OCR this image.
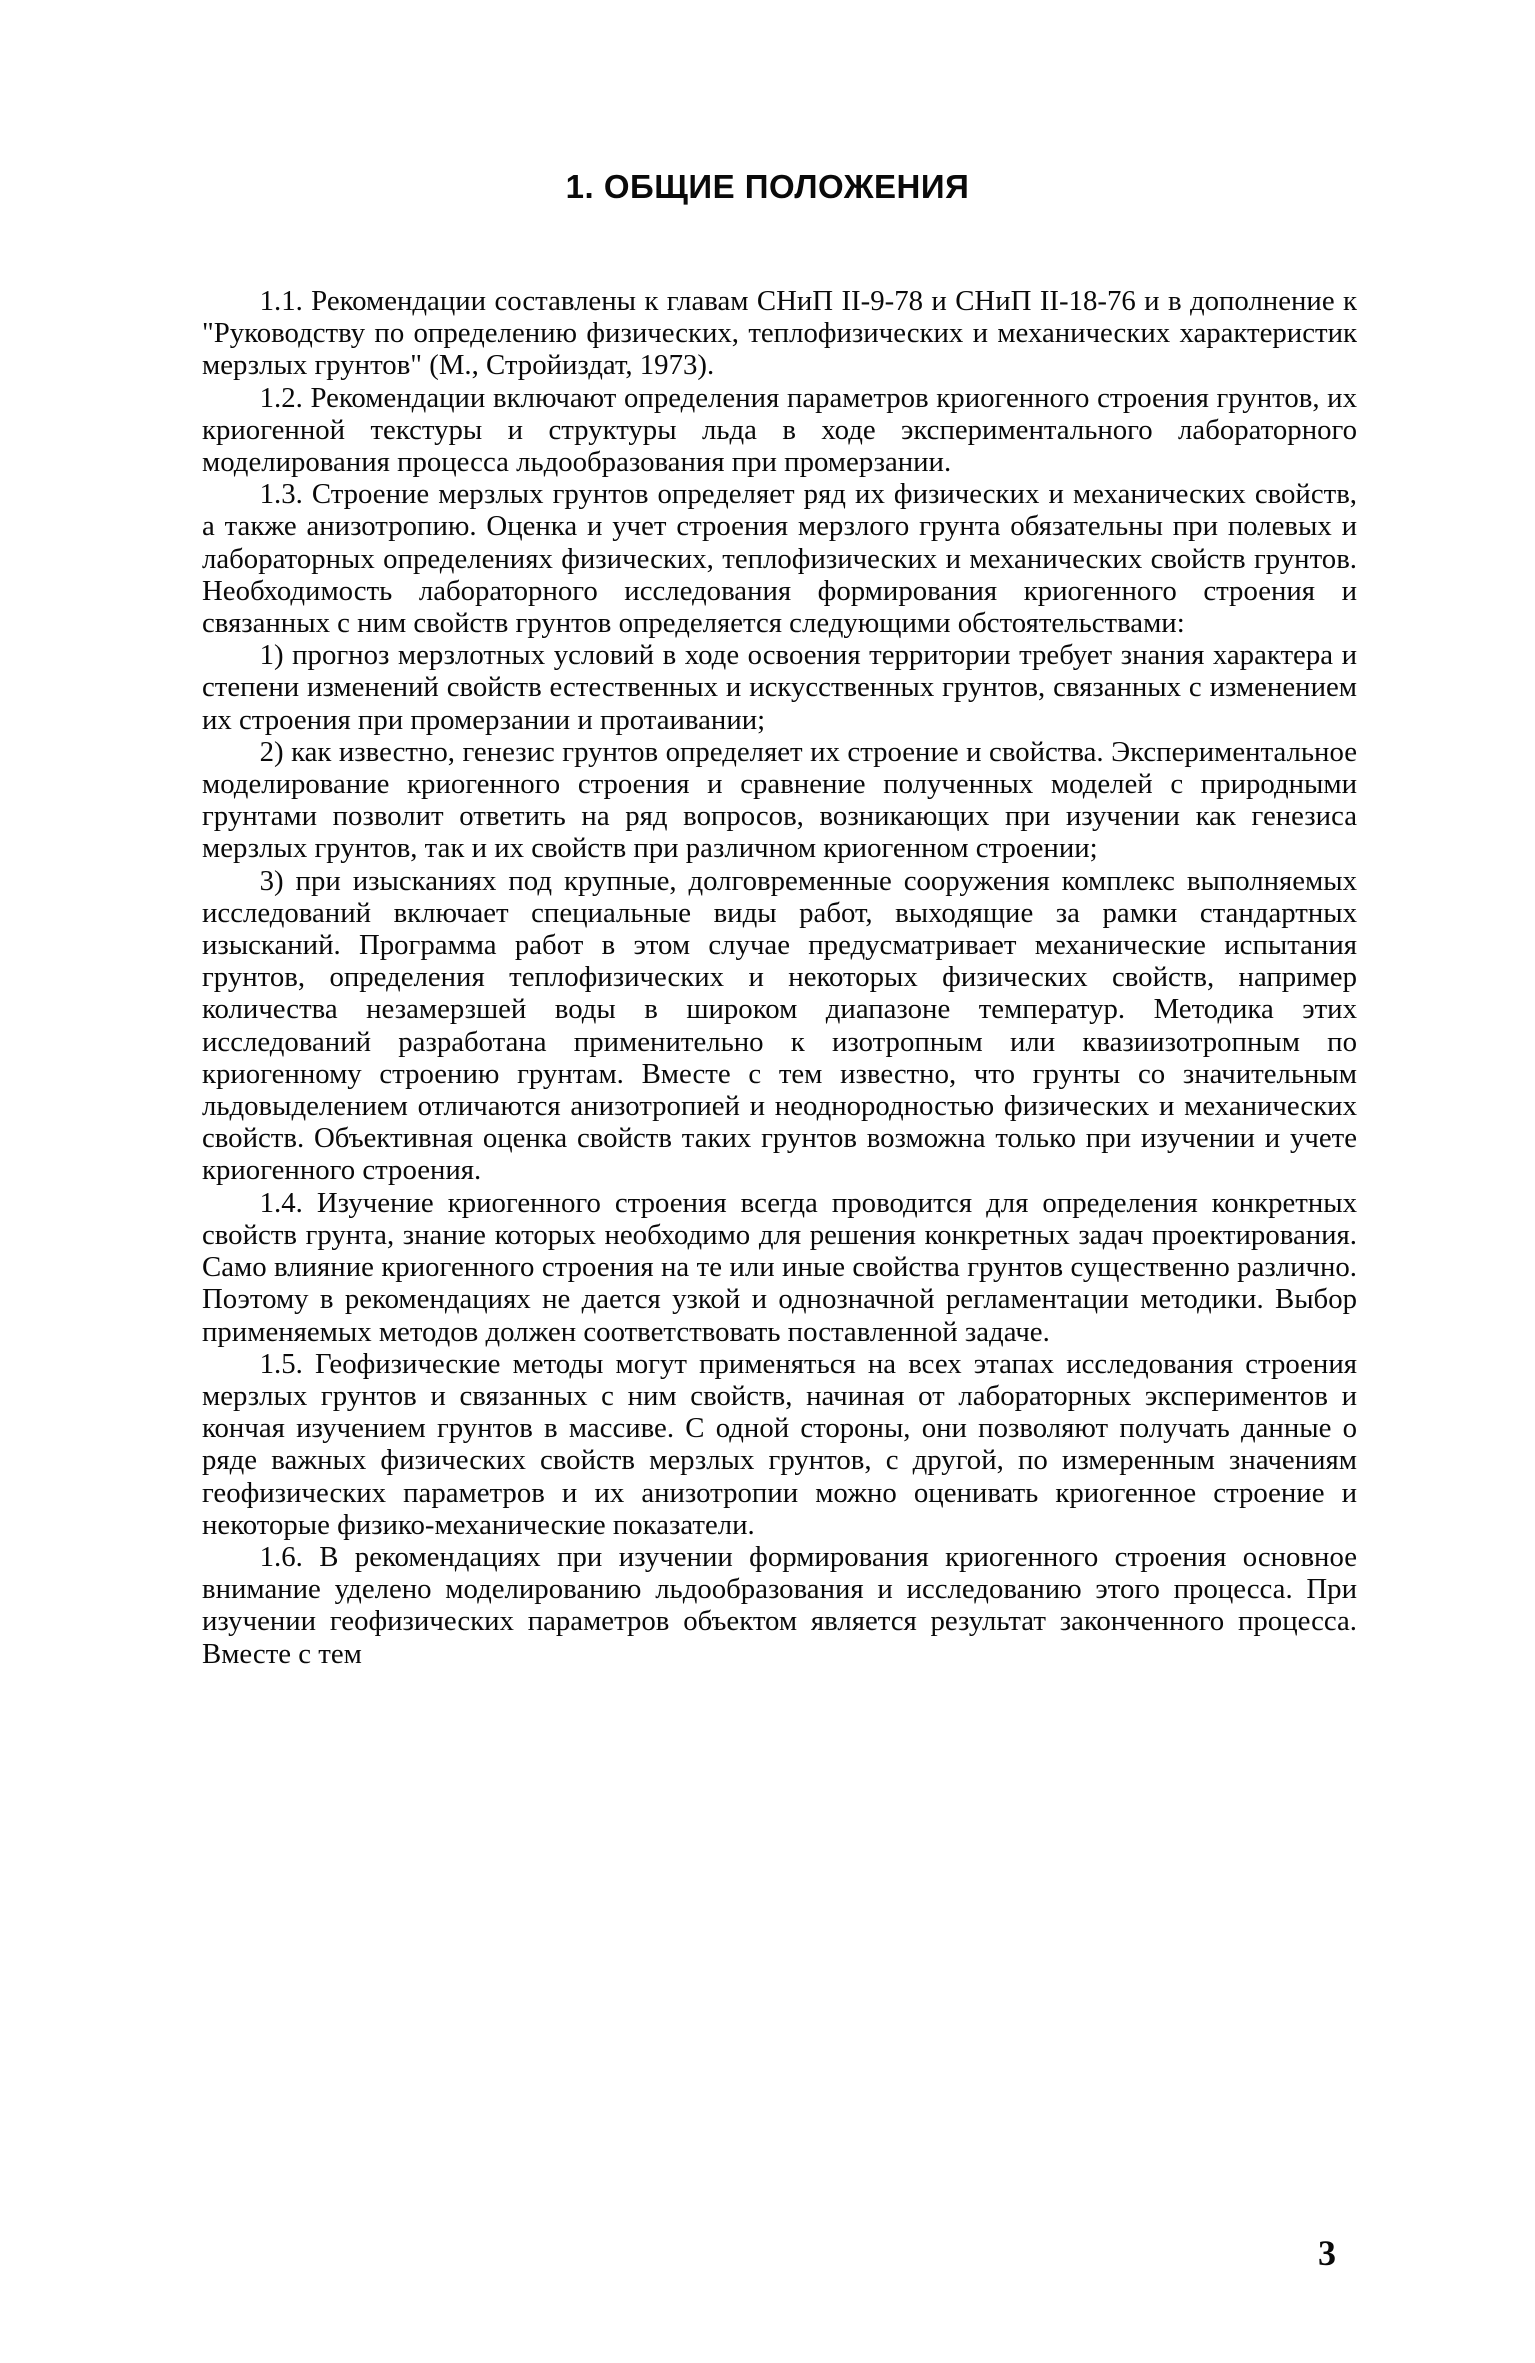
1. ОБЩИЕ ПОЛОЖЕНИЯ

1.1. Рекомендации составлены к главам СНиП II-9-78 и СНиП II-18-76 и в дополнение к "Руководству по определению физических, теплофизических и механических характеристик мерзлых грунтов" (М., Стройиздат, 1973).

1.2. Рекомендации включают определения параметров криогенного строения грунтов, их криогенной текстуры и структуры льда в ходе экспериментального лабораторного моделирования процесса льдообразования при промерзании.

1.3. Строение мерзлых грунтов определяет ряд их физических и механических свойств, а также анизотропию. Оценка и учет строения мерзлого грунта обязательны при полевых и лабораторных определениях физических, теплофизических и механических свойств грунтов. Необходимость лабораторного исследования формирования криогенного строения и связанных с ним свойств грунтов определяется следующими обстоятельствами:

1) прогноз мерзлотных условий в ходе освоения территории требует знания характера и степени изменений свойств естественных и искусственных грунтов, связанных с изменением их строения при промерзании и протаивании;

2) как известно, генезис грунтов определяет их строение и свойства. Экспериментальное моделирование криогенного строения и сравнение полученных моделей с природными грунтами позволит ответить на ряд вопросов, возникающих при изучении как генезиса мерзлых грунтов, так и их свойств при различном криогенном строении;

3) при изысканиях под крупные, долговременные сооружения комплекс выполняемых исследований включает специальные виды работ, выходящие за рамки стандартных изысканий. Программа работ в этом случае предусматривает механические испытания грунтов, определения теплофизических и некоторых физических свойств, например количества незамерзшей воды в широком диапазоне температур. Методика этих исследований разработана применительно к изотропным или квазиизотропным по криогенному строению грунтам. Вместе с тем известно, что грунты со значительным льдовыделением отличаются анизотропией и неоднородностью физических и механических свойств. Объективная оценка свойств таких грунтов возможна только при изучении и учете криогенного строения.

1.4. Изучение криогенного строения всегда проводится для определения конкретных свойств грунта, знание которых необходимо для решения конкретных задач проектирования. Само влияние криогенного строения на те или иные свойства грунтов существенно различно. Поэтому в рекомендациях не дается узкой и однозначной регламентации методики. Выбор применяемых методов должен соответствовать поставленной задаче.

1.5. Геофизические методы могут применяться на всех этапах исследования строения мерзлых грунтов и связанных с ним свойств, начиная от лабораторных экспериментов и кончая изучением грунтов в массиве. С одной стороны, они позволяют получать данные о ряде важных физических свойств мерзлых грунтов, с другой, по измеренным значениям геофизических параметров и их анизотропии можно оценивать криогенное строение и некоторые физико-механические показатели.

1.6. В рекомендациях при изучении формирования криогенного строения основное внимание уделено моделированию льдообразования и исследованию этого процесса. При изучении геофизических параметров объектом является результат законченного процесса. Вместе с тем

3
